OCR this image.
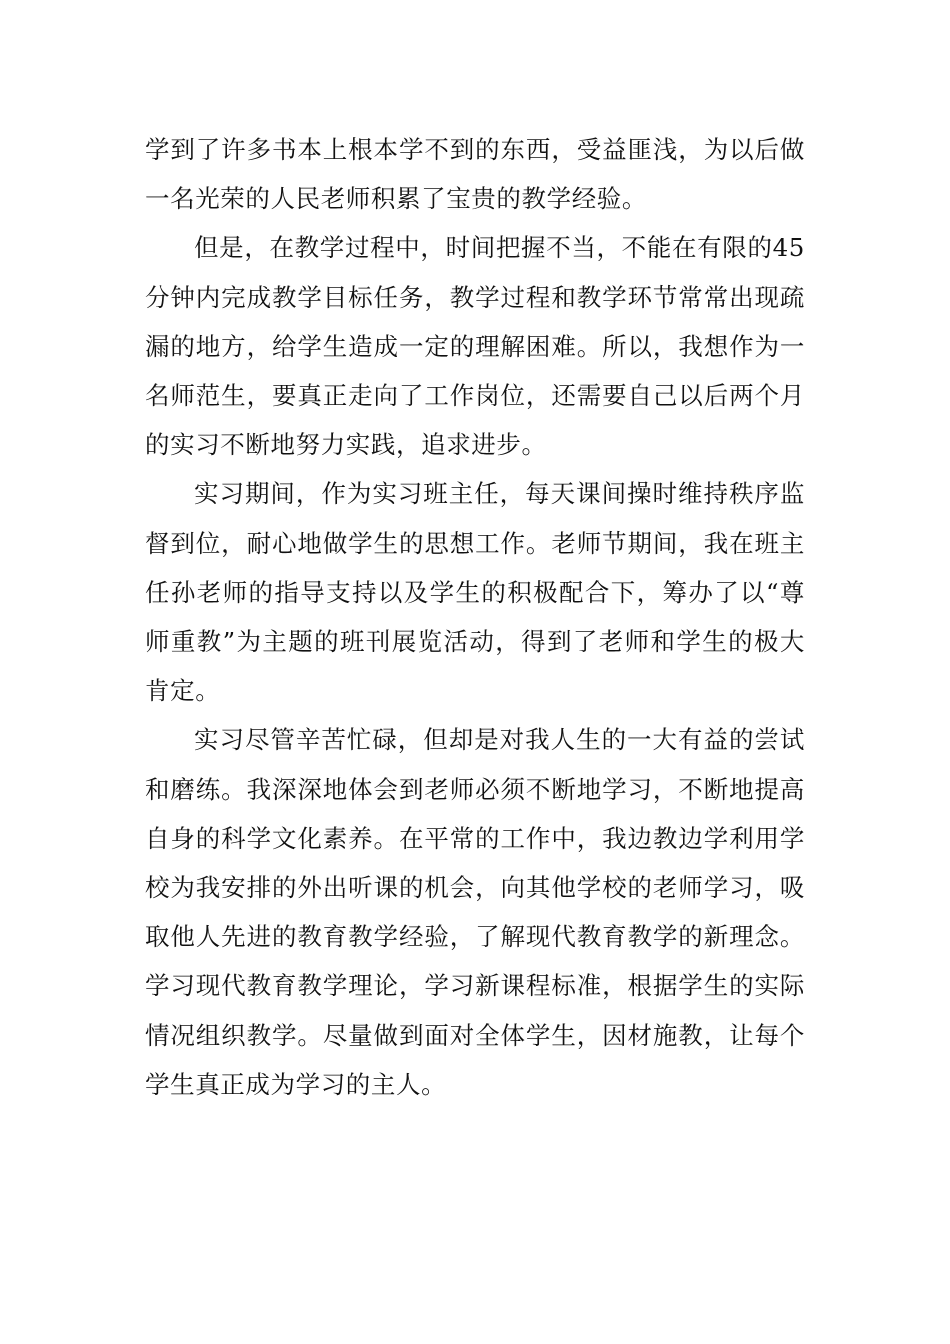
学到了许多书本上根本学不到的东西，受益匪浅，为以后做一名光荣的人民老师积累了宝贵的教学经验。

但是，在教学过程中，时间把握不当，不能在有限的45分钟内完成教学目标任务，教学过程和教学环节常常出现疏漏的地方，给学生造成一定的理解困难。所以，我想作为一名师范生，要真正走向了工作岗位，还需要自己以后两个月的实习不断地努力实践，追求进步。

实习期间，作为实习班主任，每天课间操时维持秩序监督到位，耐心地做学生的思想工作。老师节期间，我在班主任孙老师的指导支持以及学生的积极配合下，筹办了以“尊师重教”为主题的班刊展览活动，得到了老师和学生的极大肯定。

实习尽管辛苦忙碌，但却是对我人生的一大有益的尝试和磨练。我深深地体会到老师必须不断地学习，不断地提高自身的科学文化素养。在平常的工作中，我边教边学利用学校为我安排的外出听课的机会，向其他学校的老师学习，吸取他人先进的教育教学经验，了解现代教育教学的新理念。学习现代教育教学理论，学习新课程标准，根据学生的实际情况组织教学。尽量做到面对全体学生，因材施教，让每个学生真正成为学习的主人。
